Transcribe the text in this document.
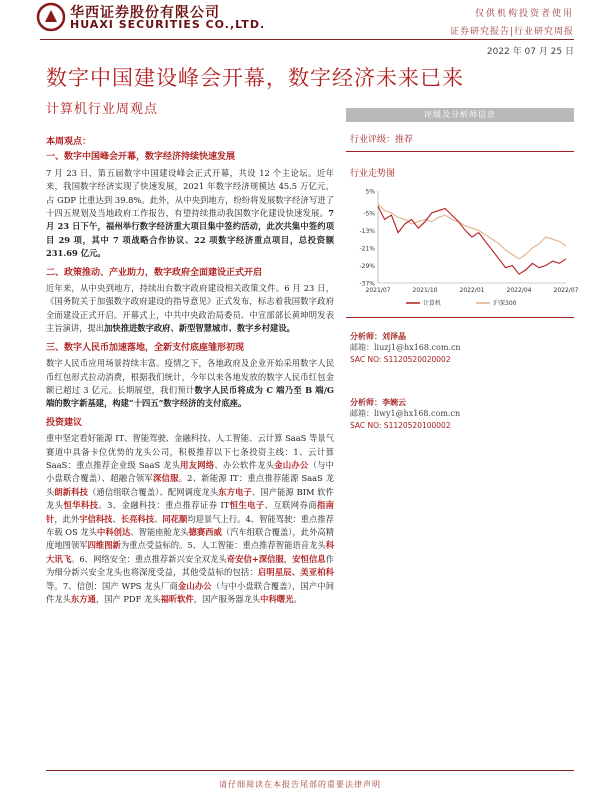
华西证券股份有限公司
HUAXI SECURITIES CO.,LTD.
仅供机构投资者使用
证券研究报告|行业研究周报
2022 年 07 月 25 日
数字中国建设峰会开幕，数字经济未来已来
计算机行业周观点
本周观点：
一、数字中国峰会开幕，数字经济持续快速发展
7 月 23 日，第五届数字中国建设峰会正式开幕，共设 12 个主论坛。近年来，我国数字经济实现了快速发展，2021 年数字经济规模达 45.5 万亿元，占 GDP 比重达到 39.8%。此外，从中央到地方，纷纷将发展数字经济写进了十四五规划及当地政府工作报告，有望持续推动我国数字化建设快速发展。7 月 23 日下午，福州举行数字经济重大项目集中签约活动，此次共集中签约项目 29 项，其中 7 项战略合作协议、22 项数字经济重点项目，总投资额 231.69 亿元。
二、政策推动、产业助力，数字政府全面建设正式开启
近年来，从中央到地方，持续出台数字政府建设相关政策文件。6 月 23 日，《国务院关于加强数字政府建设的指导意见》正式发布，标志着我国数字政府全面建设正式开启。开幕式上，中共中央政治局委员、中宣部部长黄坤明发表主旨演讲，提出加快推进数字政府、新型智慧城市、数字乡村建设。
三、数字人民币加速落地，全新支付底座雏形初现
数字人民币应用场景持续丰富。疫情之下，各地政府及企业开始采用数字人民币红包形式拉动消费，根据我们统计，今年以来各地发放的数字人民币红包金额已超过 3 亿元。长期展望，我们预计数字人民币将成为 C 端乃至 B 端/G 端的数字新基建，构建“十四五”数字经济的支付底座。
投资建议
重申坚定看好能源 IT、智能驾驶、金融科技、人工智能、云计算 SaaS 等景气赛道中具备卡位优势的龙头公司，积极推荐以下七条投资主线：1、云计算 SaaS：重点推荐企业级 SaaS 龙头用友网络、办公软件龙头金山办公（与中小盘联合覆盖）、超融合领军深信服。2、新能源 IT：重点推荐能源 SaaS 龙头朗新科技（通信组联合覆盖）、配网调度龙头东方电子、国产能源 BIM 软件龙头恒华科技。3、金融科技：重点推荐证券 IT恒生电子、互联网券商指南针，此外宇信科技、长亮科技、同花顺均迎景气上行。4、智能驾驶：重点推荐车载 OS 龙头中科创达、智能座舱龙头德赛西威（汽车组联合覆盖），此外高精度地图领军四维图新为重点受益标的。5、人工智能：重点推荐智能语音龙头科大讯飞。6、网络安全：重点推荐新兴安全双龙头奇安信+深信服，安恒信息作为细分新兴安全龙头也将深度受益，其他受益标的包括：启明星辰、美亚柏科等。7、信创：国产 WPS 龙头厂商金山办公（与中小盘联合覆盖），国产中间件龙头东方通，国产 PDF 龙头福昕软件，国产服务器龙头中科曙光。
评级及分析师信息
行业评级：推荐
行业走势图
5%
-5%
-13%
-21%
-29%
-37%
2021/07	2021/10	2022/01	2022/04	2022/07
计算机	沪深300
分析师：刘泽晶
邮箱：liuzj1@hx168.com.cn
SAC NO: S1120520020002
分析师：李婉云
邮箱：liwy1@hx168.com.cn
SAC NO: S1120520100002
请仔细阅读在本报告尾部的重要法律声明
